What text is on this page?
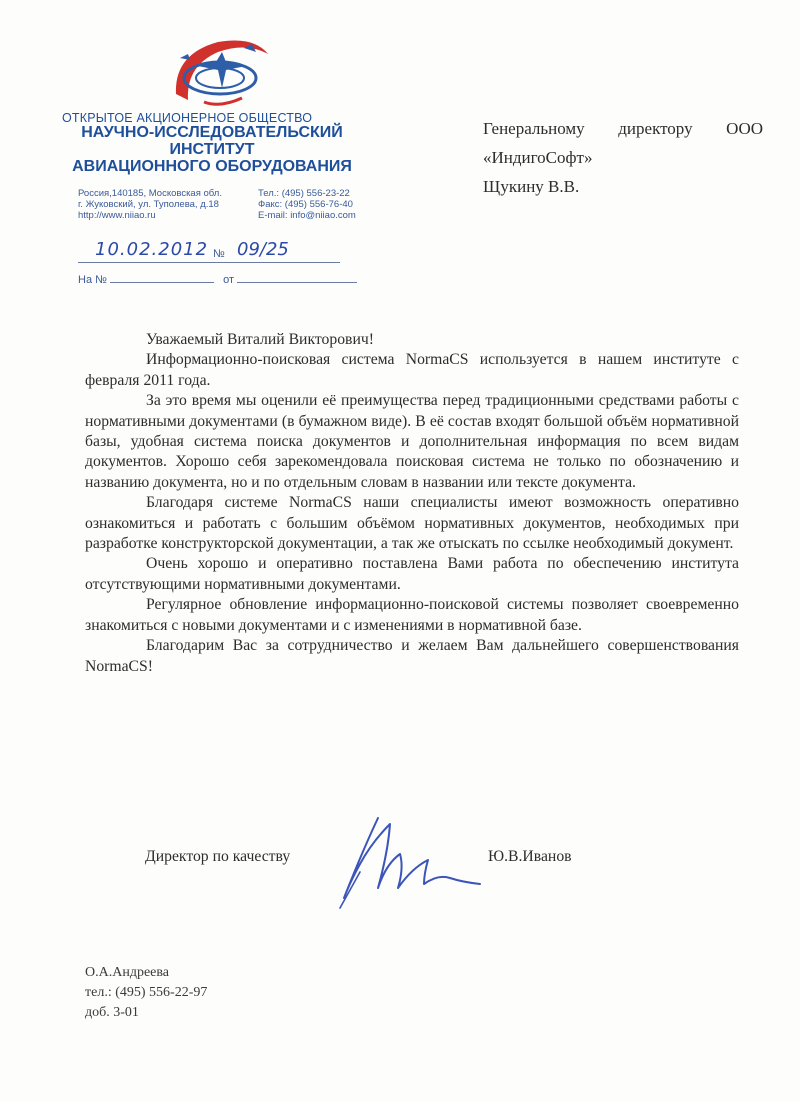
ОТКРЫТОЕ АКЦИОНЕРНОЕ ОБЩЕСТВО
НАУЧНО-ИССЛЕДОВАТЕЛЬСКИЙ
ИНСТИТУТ
АВИАЦИОННОГО ОБОРУДОВАНИЯ
Россия,140185, Московская обл.	Тел.: (495) 556-23-22
г. Жуковский, ул. Туполева, д.18	Факс: (495) 556-76-40
http://www.niiao.ru	E-mail: info@niiao.com
10.02.2012 № 09/25
На №	от
Генеральному директору ООО
«ИндигоСофт»
Щукину В.В.

Уважаемый Виталий Викторович!

Информационно-поисковая система NormaCS используется в нашем институте с февраля 2011 года.

За это время мы оценили её преимущества перед традиционными средствами работы с нормативными документами (в бумажном виде). В её состав входят большой объём нормативной базы, удобная система поиска документов и дополнительная информация по всем видам документов. Хорошо себя зарекомендовала поисковая система не только по обозначению и названию документа, но и по отдельным словам в названии или тексте документа.

Благодаря системе NormaCS наши специалисты имеют возможность оперативно ознакомиться и работать с большим объёмом нормативных документов, необходимых при разработке конструкторской документации, а так же отыскать по ссылке необходимый документ.

Очень хорошо и оперативно поставлена Вами работа по обеспечению института отсутствующими нормативными документами.

Регулярное обновление информационно-поисковой системы позволяет своевременно знакомиться с новыми документами и с изменениями в нормативной базе.

Благодарим Вас за сотрудничество и желаем Вам дальнейшего совершенствования NormaCS!

Директор по качеству	Ю.В.Иванов
О.А.Андреева
тел.: (495) 556-22-97
доб. 3-01
